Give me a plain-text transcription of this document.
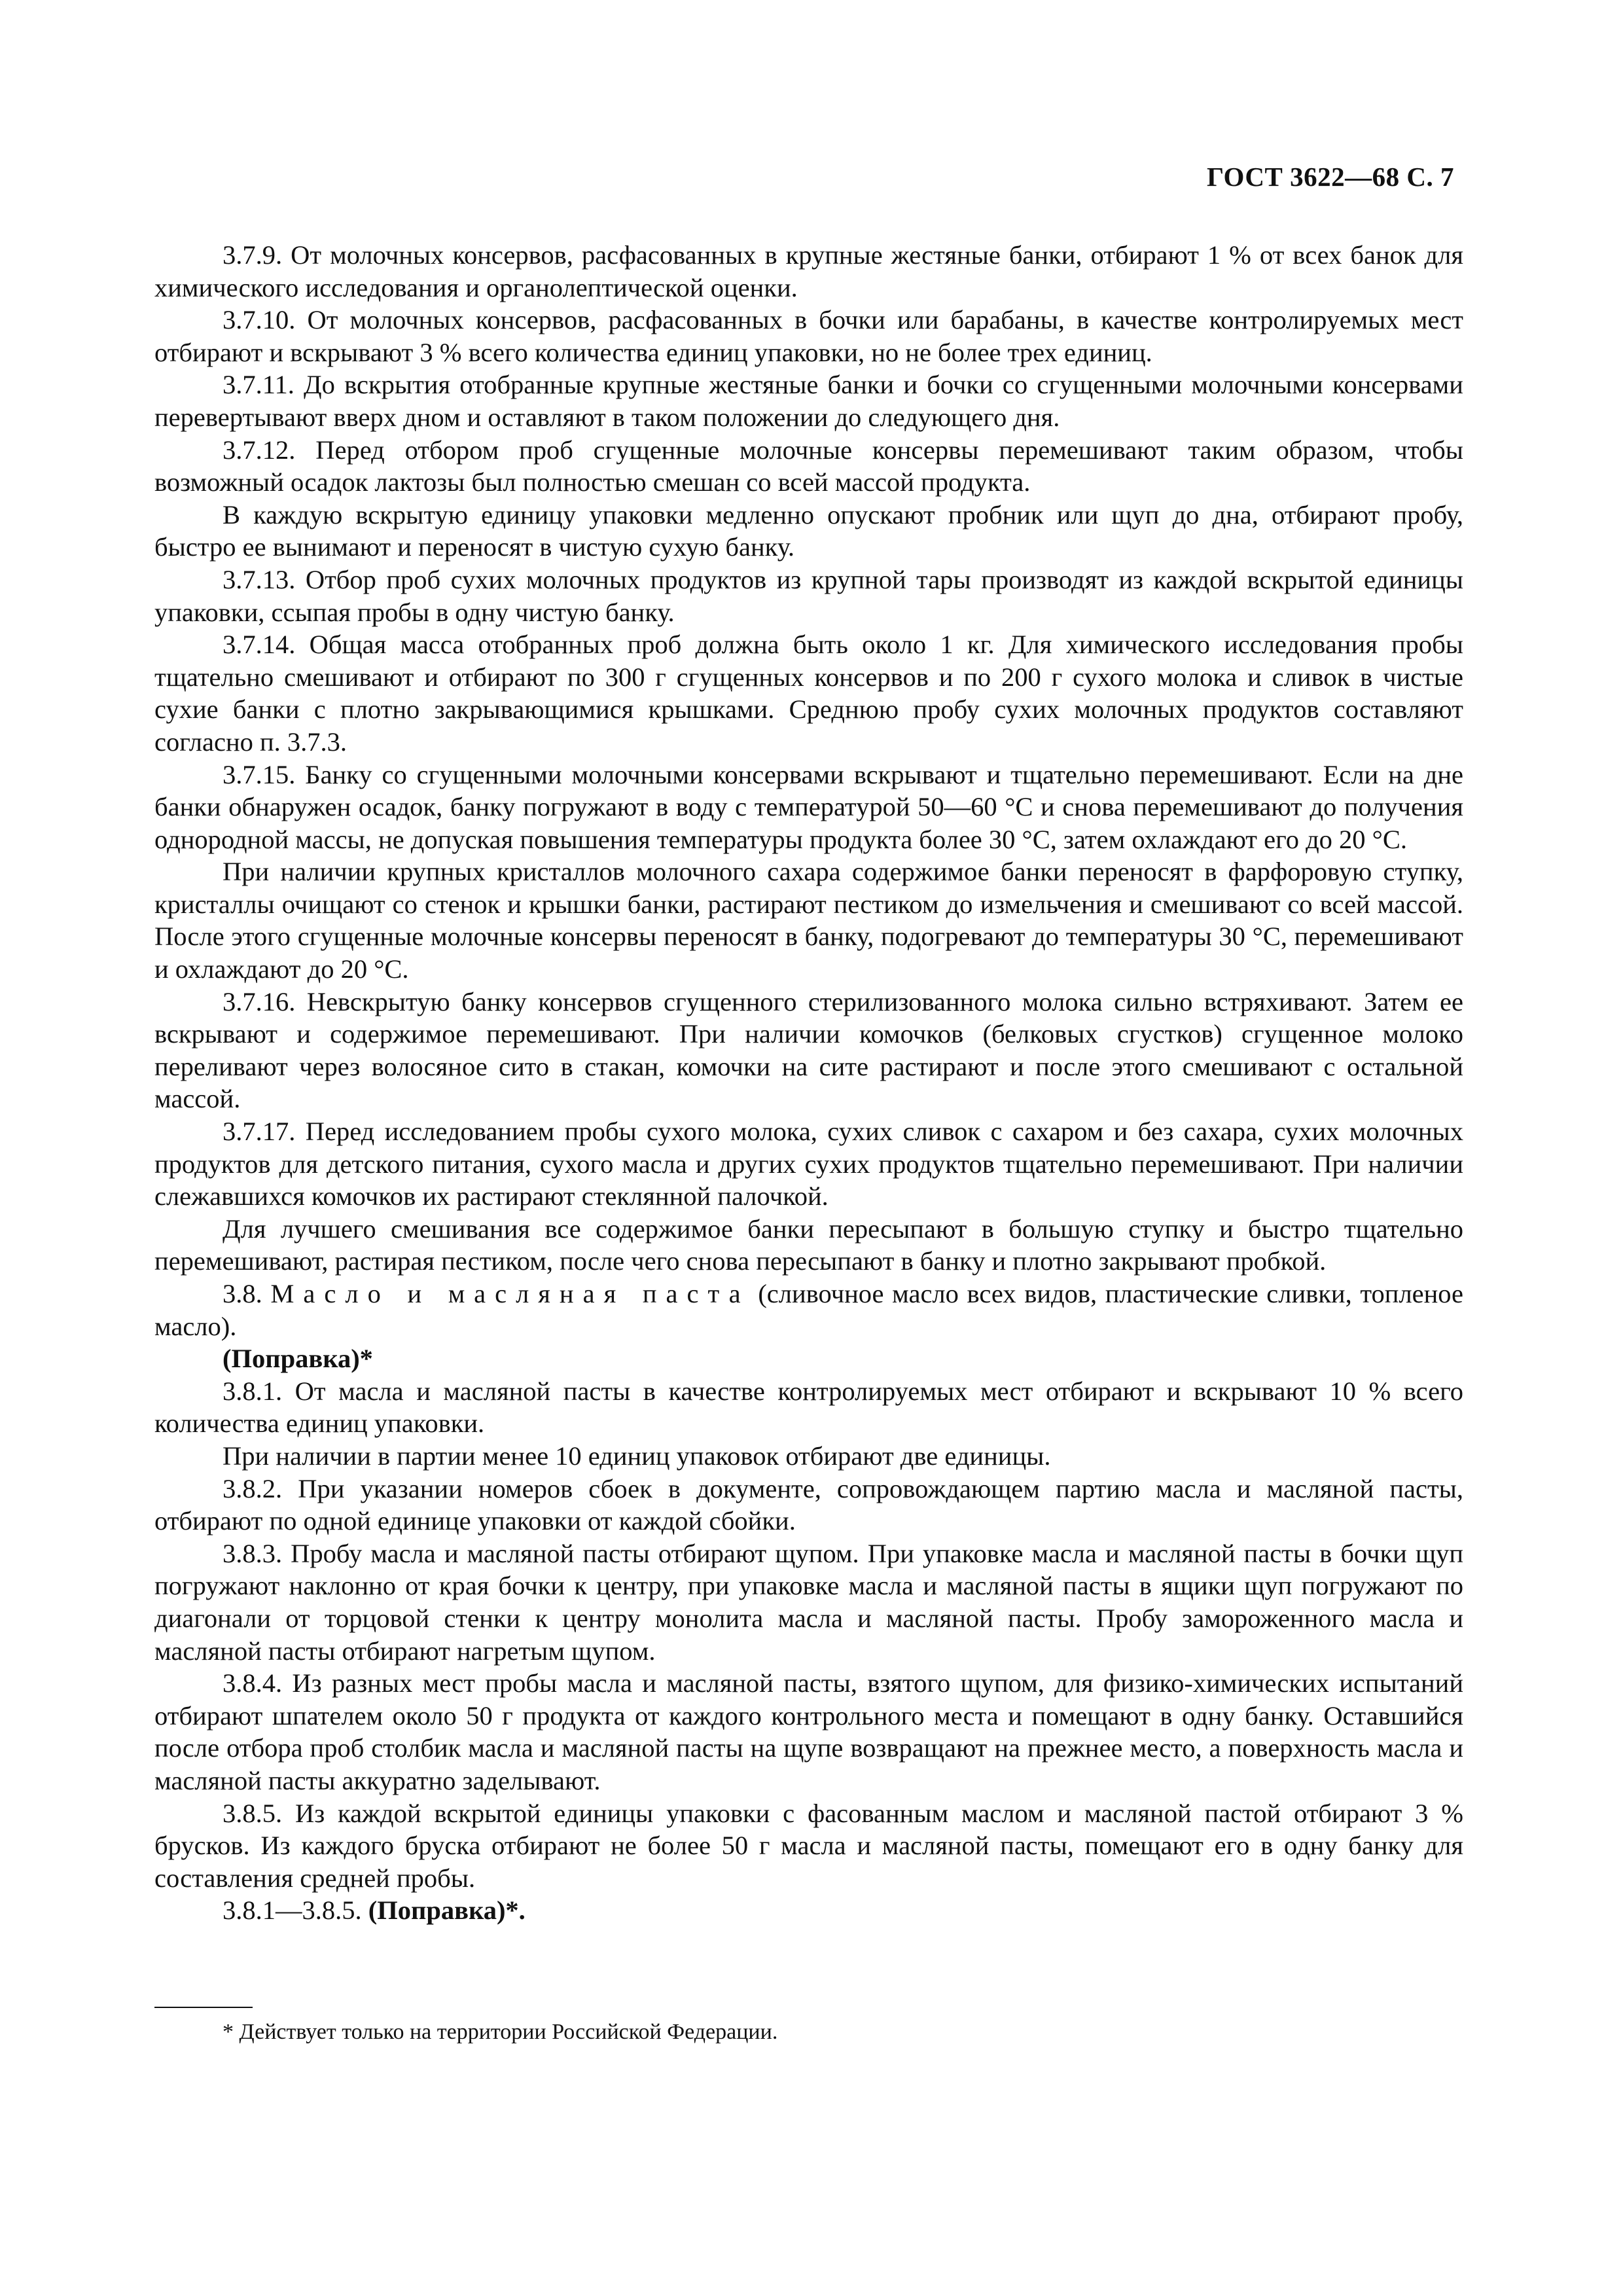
ГОСТ 3622—68 С. 7

3.7.9. От молочных консервов, расфасованных в крупные жестяные банки, отбирают 1 % от всех банок для химического исследования и органолептической оценки.

3.7.10. От молочных консервов, расфасованных в бочки или барабаны, в качестве контролируемых мест отбирают и вскрывают 3 % всего количества единиц упаковки, но не более трех единиц.

3.7.11. До вскрытия отобранные крупные жестяные банки и бочки со сгущенными молочными консервами перевертывают вверх дном и оставляют в таком положении до следующего дня.

3.7.12. Перед отбором проб сгущенные молочные консервы перемешивают таким образом, чтобы возможный осадок лактозы был полностью смешан со всей массой продукта.

В каждую вскрытую единицу упаковки медленно опускают пробник или щуп до дна, отбирают пробу, быстро ее вынимают и переносят в чистую сухую банку.

3.7.13. Отбор проб сухих молочных продуктов из крупной тары производят из каждой вскрытой единицы упаковки, ссыпая пробы в одну чистую банку.

3.7.14. Общая масса отобранных проб должна быть около 1 кг. Для химического исследования пробы тщательно смешивают и отбирают по 300 г сгущенных консервов и по 200 г сухого молока и сливок в чистые сухие банки с плотно закрывающимися крышками. Среднюю пробу сухих молочных продуктов составляют согласно п. 3.7.3.

3.7.15. Банку со сгущенными молочными консервами вскрывают и тщательно перемешивают. Если на дне банки обнаружен осадок, банку погружают в воду с температурой 50—60 °С и снова перемешивают до получения однородной массы, не допуская повышения температуры продукта более 30 °С, затем охлаждают его до 20 °С.

При наличии крупных кристаллов молочного сахара содержимое банки переносят в фарфоровую ступку, кристаллы очищают со стенок и крышки банки, растирают пестиком до измельчения и смешивают со всей массой. После этого сгущенные молочные консервы переносят в банку, подогревают до температуры 30 °С, перемешивают и охлаждают до 20 °С.

3.7.16. Невскрытую банку консервов сгущенного стерилизованного молока сильно встряхивают. Затем ее вскрывают и содержимое перемешивают. При наличии комочков (белковых сгустков) сгущенное молоко переливают через волосяное сито в стакан, комочки на сите растирают и после этого смешивают с остальной массой.

3.7.17. Перед исследованием пробы сухого молока, сухих сливок с сахаром и без сахара, сухих молочных продуктов для детского питания, сухого масла и других сухих продуктов тщательно перемешивают. При наличии слежавшихся комочков их растирают стеклянной палочкой.

Для лучшего смешивания все содержимое банки пересыпают в большую ступку и быстро тщательно перемешивают, растирая пестиком, после чего снова пересыпают в банку и плотно закрывают пробкой.

3.8. Масло и масляная паста (сливочное масло всех видов, пластические сливки, топленое масло).

(Поправка)*

3.8.1. От масла и масляной пасты в качестве контролируемых мест отбирают и вскрывают 10 % всего количества единиц упаковки.

При наличии в партии менее 10 единиц упаковок отбирают две единицы.

3.8.2. При указании номеров сбоек в документе, сопровождающем партию масла и масляной пасты, отбирают по одной единице упаковки от каждой сбойки.

3.8.3. Пробу масла и масляной пасты отбирают щупом. При упаковке масла и масляной пасты в бочки щуп погружают наклонно от края бочки к центру, при упаковке масла и масляной пасты в ящики щуп погружают по диагонали от торцовой стенки к центру монолита масла и масляной пасты. Пробу замороженного масла и масляной пасты отбирают нагретым щупом.

3.8.4. Из разных мест пробы масла и масляной пасты, взятого щупом, для физико-химических испытаний отбирают шпателем около 50 г продукта от каждого контрольного места и помещают в одну банку. Оставшийся после отбора проб столбик масла и масляной пасты на щупе возвращают на прежнее место, а поверхность масла и масляной пасты аккуратно заделывают.

3.8.5. Из каждой вскрытой единицы упаковки с фасованным маслом и масляной пастой отбирают 3 % брусков. Из каждого бруска отбирают не более 50 г масла и масляной пасты, помещают его в одну банку для составления средней пробы.

3.8.1—3.8.5. (Поправка)*.

* Действует только на территории Российской Федерации.
